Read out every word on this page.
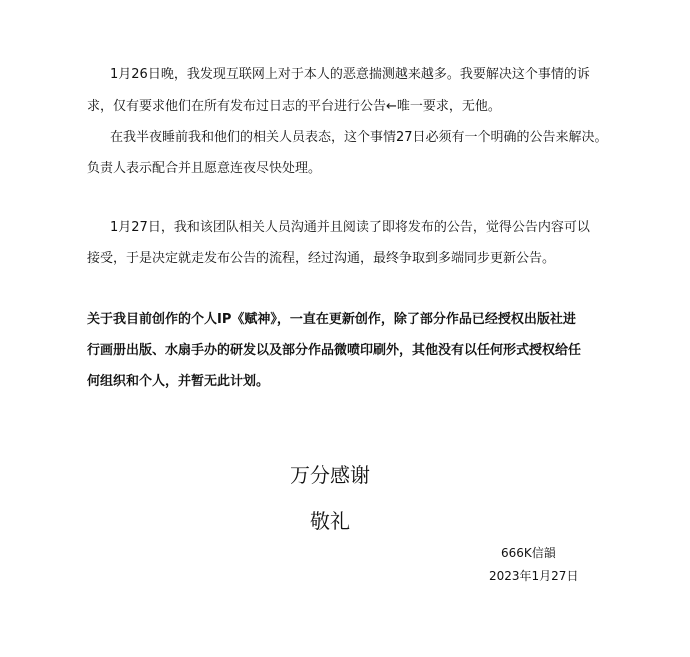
1月26日晚，我发现互联网上对于本人的恶意揣测越来越多。我要解决这个事情的诉
求，仅有要求他们在所有发布过日志的平台进行公告←唯一要求，无他。
在我半夜睡前我和他们的相关人员表态，这个事情27日必须有一个明确的公告来解决。
负责人表示配合并且愿意连夜尽快处理。
1月27日，我和该团队相关人员沟通并且阅读了即将发布的公告，觉得公告内容可以
接受，于是决定就走发布公告的流程，经过沟通，最终争取到多端同步更新公告。
关于我目前创作的个人IP《赋神》，一直在更新创作，除了部分作品已经授权出版社进
行画册出版、水扇手办的研发以及部分作品微喷印刷外，其他没有以任何形式授权给任
何组织和个人，并暂无此计划。
万分感谢
敬礼
666K信韻
2023年1月27日
